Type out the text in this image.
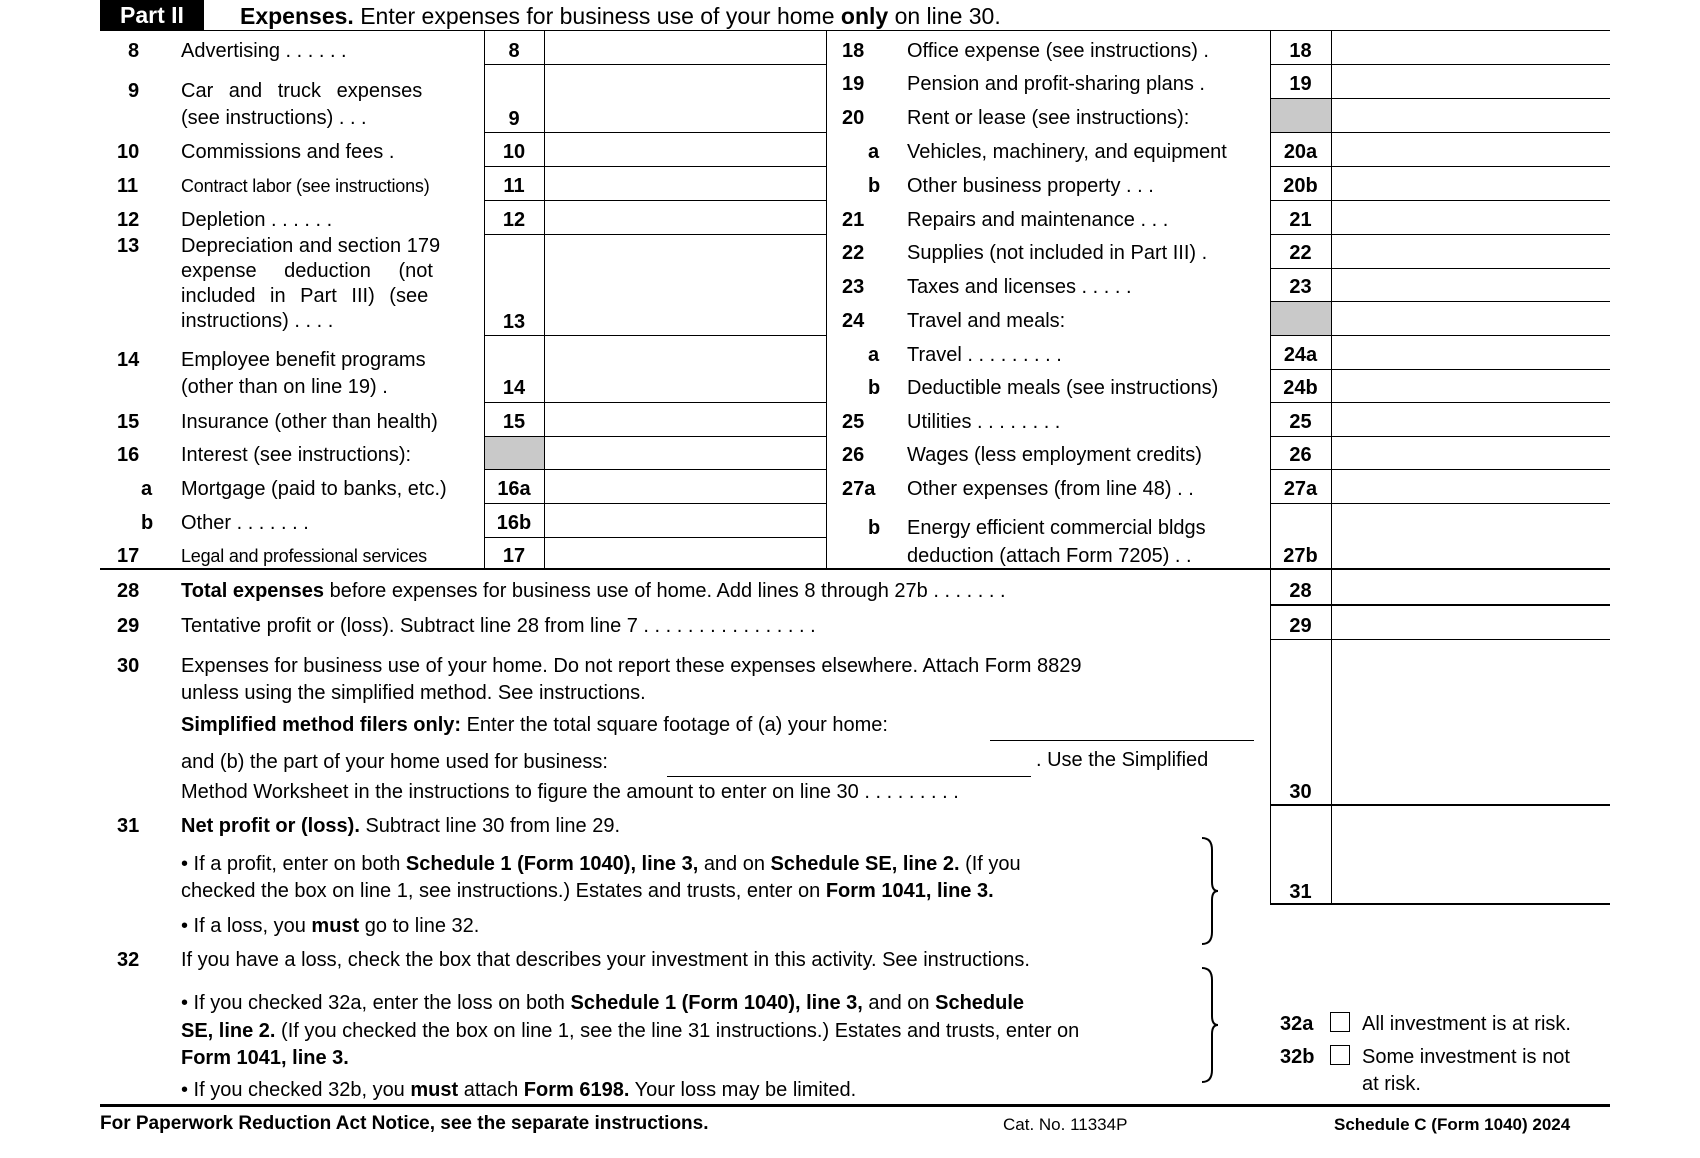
Part II	Expenses. Enter expenses for business use of your home only on line 30.
8 Advertising . . . . . .	8
9 Car and truck expenses
(see instructions) . . .	9
10 Commissions and fees .	10
11 Contract labor (see instructions)	11
12 Depletion . . . . . .	12
13 Depreciation and section 179
expense deduction (not
included in Part III) (see
instructions) . . . .	13
14 Employee benefit programs
(other than on line 19) .	14
15 Insurance (other than health)	15
16 Interest (see instructions):
a Mortgage (paid to banks, etc.)	16a
b Other . . . . . . .	16b
17 Legal and professional services	17
18 Office expense (see instructions) .	18
19 Pension and profit-sharing plans .	19
20 Rent or lease (see instructions):
a Vehicles, machinery, and equipment	20a
b Other business property . . .	20b
21 Repairs and maintenance . . .	21
22 Supplies (not included in Part III) .	22
23 Taxes and licenses . . . . .	23
24 Travel and meals:
a Travel . . . . . . . . .	24a
b Deductible meals (see instructions)	24b
25 Utilities . . . . . . . .	25
26 Wages (less employment credits)	26
27a Other expenses (from line 48) . .	27a
b Energy efficient commercial bldgs
deduction (attach Form 7205) . .	27b
28 Total expenses before expenses for business use of home. Add lines 8 through 27b . . . . . . .	28
29 Tentative profit or (loss). Subtract line 28 from line 7 . . . . . . . . . . . . . . . .	29
30 Expenses for business use of your home. Do not report these expenses elsewhere. Attach Form 8829
unless using the simplified method. See instructions.
Simplified method filers only: Enter the total square footage of (a) your home:
and (b) the part of your home used for business:	. Use the Simplified
Method Worksheet in the instructions to figure the amount to enter on line 30 . . . . . . . . .	30
31 Net profit or (loss). Subtract line 30 from line 29.
• If a profit, enter on both Schedule 1 (Form 1040), line 3, and on Schedule SE, line 2. (If you
checked the box on line 1, see instructions.) Estates and trusts, enter on Form 1041, line 3.
• If a loss, you must go to line 32.
31
32 If you have a loss, check the box that describes your investment in this activity. See instructions.
• If you checked 32a, enter the loss on both Schedule 1 (Form 1040), line 3, and on Schedule
SE, line 2. (If you checked the box on line 1, see the line 31 instructions.) Estates and trusts, enter on
Form 1041, line 3.
• If you checked 32b, you must attach Form 6198. Your loss may be limited.
32a All investment is at risk.
32b Some investment is not
at risk.
For Paperwork Reduction Act Notice, see the separate instructions.	Cat. No. 11334P	Schedule C (Form 1040) 2024
